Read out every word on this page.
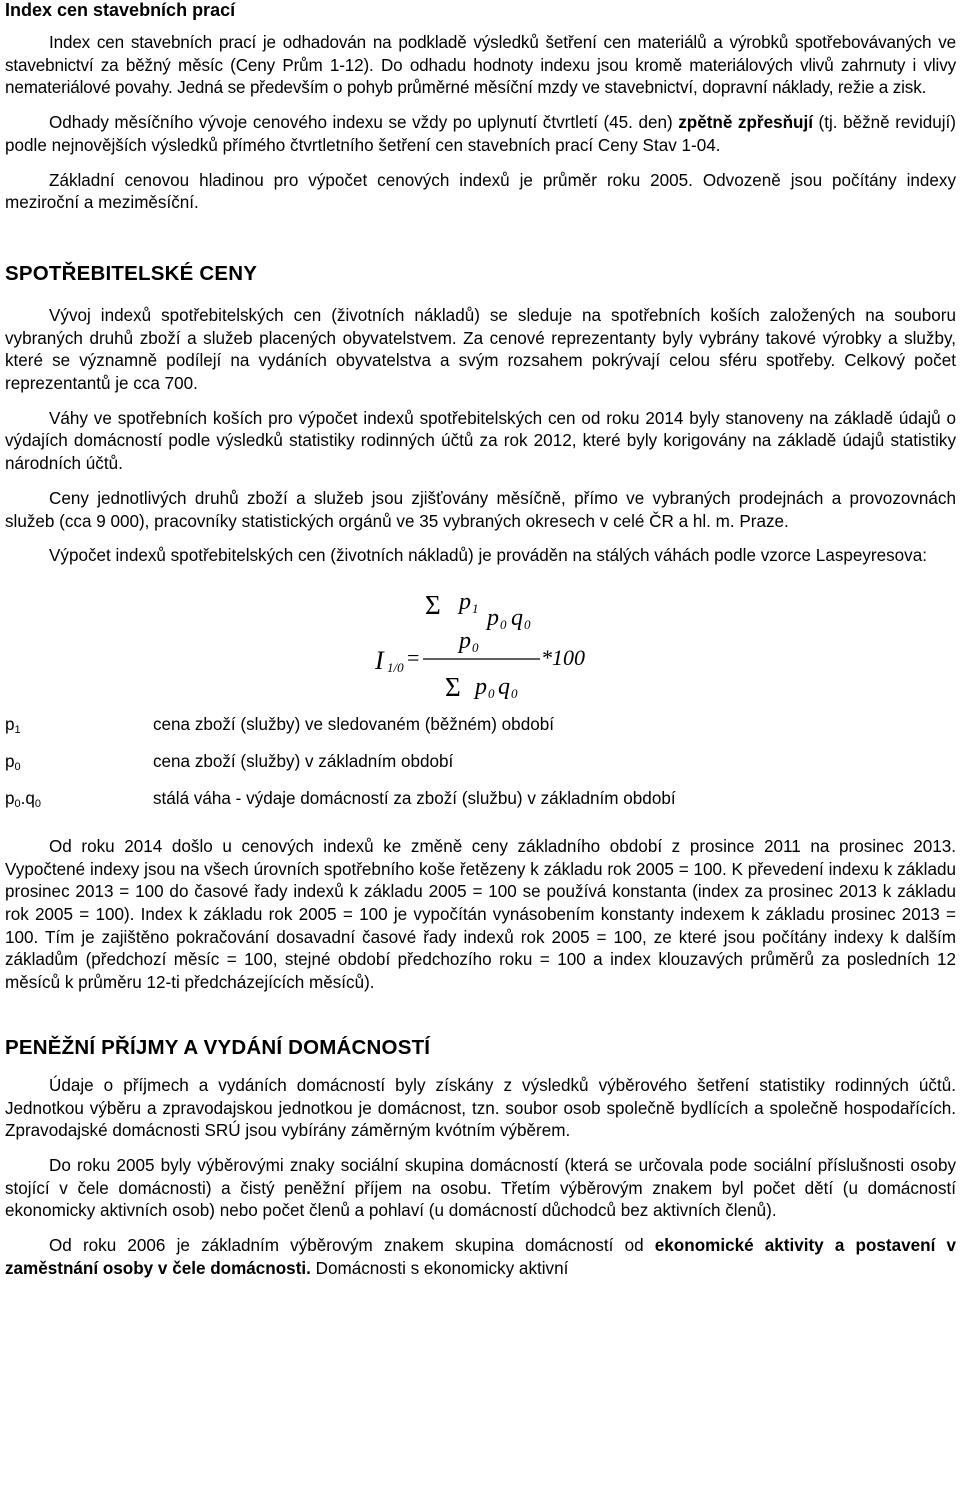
Index cen stavebních prací

Index cen stavebních prací je odhadován na podkladě výsledků šetření cen materiálů a výrobků spotřebovávaných ve stavebnictví za běžný měsíc (Ceny Prům 1-12). Do odhadu hodnoty indexu jsou kromě materiálových vlivů zahrnuty i vlivy nemateriálové povahy. Jedná se především o pohyb průměrné měsíční mzdy ve stavebnictví, dopravní náklady, režie a zisk.

Odhady měsíčního vývoje cenového indexu se vždy po uplynutí čtvrtletí (45. den) zpětně zpřesňují (tj. běžně revidují) podle nejnovějších výsledků přímého čtvrtletního šetření cen stavebních prací Ceny Stav 1-04.

Základní cenovou hladinou pro výpočet cenových indexů je průměr roku 2005. Odvozeně jsou počítány indexy meziroční a meziměsíční.

SPOTŘEBITELSKÉ CENY

Vývoj indexů spotřebitelských cen (životních nákladů) se sleduje na spotřebních koších založených na souboru vybraných druhů zboží a služeb placených obyvatelstvem. Za cenové reprezentanty byly vybrány takové výrobky a služby, které se významně podílejí na vydáních obyvatelstva a svým rozsahem pokrývají celou sféru spotřeby. Celkový počet reprezentantů je cca 700.

Váhy ve spotřebních koších pro výpočet indexů spotřebitelských cen od roku 2014 byly stanoveny na základě údajů o výdajích domácností podle výsledků statistiky rodinných účtů za rok 2012, které byly korigovány na základě údajů statistiky národních účtů.

Ceny jednotlivých druhů zboží a služeb jsou zjišťovány měsíčně, přímo ve vybraných prodejnách a provozovnách služeb (cca 9 000), pracovníky statistických orgánů ve 35 vybraných okresech v celé ČR a hl. m. Praze.

Výpočet indexů spotřebitelských cen (životních nákladů) je prováděn na stálých váhách podle vzorce Laspeyresova:

Σ p 1 p 0 q 0
p 0
I 1/0 =	*100
Σ p 0 q 0
$p_1$	cena zboží (služby) ve sledovaném (běžném) období
$p_0$	cena zboží (služby) v základním období
$p_0.q_0$	stálá váha - výdaje domácností za zboží (službu) v základním období

Od roku 2014 došlo u cenových indexů ke změně ceny základního období z prosince 2011 na prosinec 2013. Vypočtené indexy jsou na všech úrovních spotřebního koše řetězeny k základu rok 2005 = 100. K převedení indexu k základu prosinec 2013 = 100 do časové řady indexů k základu 2005 = 100 se používá konstanta (index za prosinec 2013 k základu rok 2005 = 100). Index k základu rok 2005 = 100 je vypočítán vynásobením konstanty indexem k základu prosinec 2013 = 100. Tím je zajištěno pokračování dosavadní časové řady indexů rok 2005 = 100, ze které jsou počítány indexy k dalším základům (předchozí měsíc = 100, stejné období předchozího roku = 100 a index klouzavých průměrů za posledních 12 měsíců k průměru 12-ti předcházejících měsíců).

PENĚŽNÍ PŘÍJMY A VYDÁNÍ DOMÁCNOSTÍ

Údaje o příjmech a vydáních domácností byly získány z výsledků výběrového šetření statistiky rodinných účtů. Jednotkou výběru a zpravodajskou jednotkou je domácnost, tzn. soubor osob společně bydlících a společně hospodařících. Zpravodajské domácnosti SRÚ jsou vybírány záměrným kvótním výběrem.

Do roku 2005 byly výběrovými znaky sociální skupina domácností (která se určovala pode sociální příslušnosti osoby stojící v čele domácnosti) a čistý peněžní příjem na osobu. Třetím výběrovým znakem byl počet dětí (u domácností ekonomicky aktivních osob) nebo počet členů a pohlaví (u domácností důchodců bez aktivních členů).

Od roku 2006 je základním výběrovým znakem skupina domácností od ekonomické aktivity a postavení v zaměstnání osoby v čele domácnosti. Domácnosti s ekonomicky aktivní
